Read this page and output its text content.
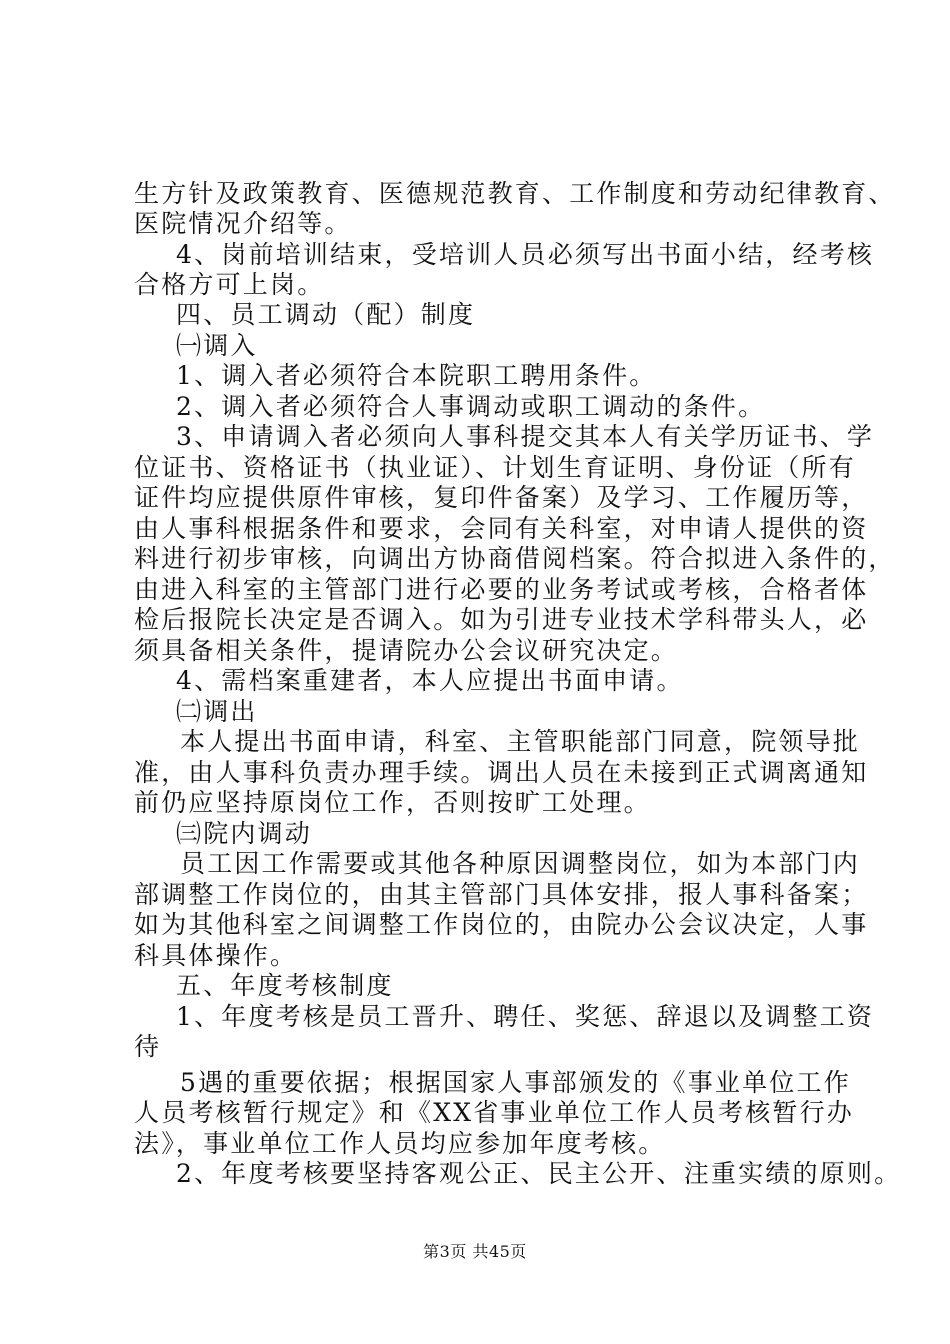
生方针及政策教育、医德规范教育、工作制度和劳动纪律教育、
医院情况介绍等。
4、岗前培训结束，受培训人员必须写出书面小结，经考核
合格方可上岗。
四、员工调动（配）制度
㈠调入
1、调入者必须符合本院职工聘用条件。
2、调入者必须符合人事调动或职工调动的条件。
3、申请调入者必须向人事科提交其本人有关学历证书、学
位证书、资格证书（执业证）、计划生育证明、身份证（所有
证件均应提供原件审核，复印件备案）及学习、工作履历等，
由人事科根据条件和要求，会同有关科室，对申请人提供的资
料进行初步审核，向调出方协商借阅档案。符合拟进入条件的，
由进入科室的主管部门进行必要的业务考试或考核，合格者体
检后报院长决定是否调入。如为引进专业技术学科带头人，必
须具备相关条件，提请院办公会议研究决定。
4、需档案重建者，本人应提出书面申请。
㈡调出
本人提出书面申请，科室、主管职能部门同意，院领导批
准，由人事科负责办理手续。调出人员在未接到正式调离通知
前仍应坚持原岗位工作，否则按旷工处理。
㈢院内调动
员工因工作需要或其他各种原因调整岗位，如为本部门内
部调整工作岗位的，由其主管部门具体安排，报人事科备案；
如为其他科室之间调整工作岗位的，由院办公会议决定，人事
科具体操作。
五、年度考核制度
1、年度考核是员工晋升、聘任、奖惩、辞退以及调整工资
待
5遇的重要依据；根据国家人事部颁发的《事业单位工作
人员考核暂行规定》和《XX省事业单位工作人员考核暂行办
法》，事业单位工作人员均应参加年度考核。
2、年度考核要坚持客观公正、民主公开、注重实绩的原则。
第3页 共45页
